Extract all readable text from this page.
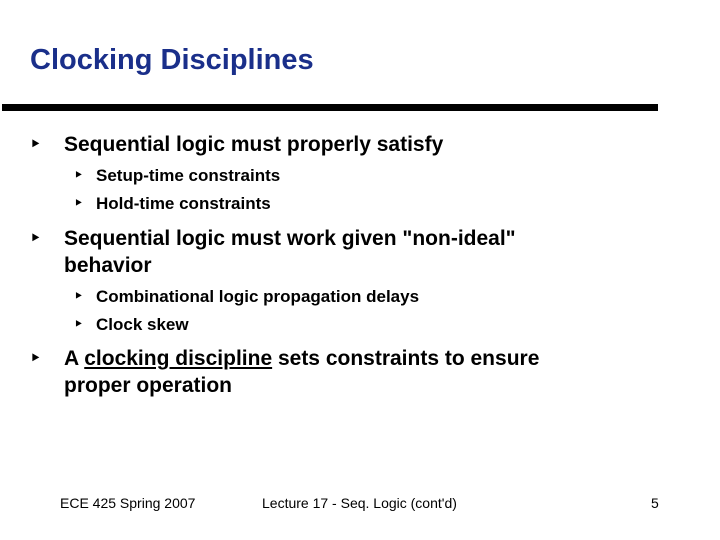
Clocking Disciplines
‣	Sequential logic must properly satisfy
‣ Setup-time constraints
‣ Hold-time constraints
‣	Sequential logic must work given "non-ideal"
behavior
‣ Combinational logic propagation delays
‣ Clock skew
‣	A clocking discipline sets constraints to ensure
proper operation
ECE 425 Spring 2007	Lecture 17 - Seq. Logic (cont'd)	5
